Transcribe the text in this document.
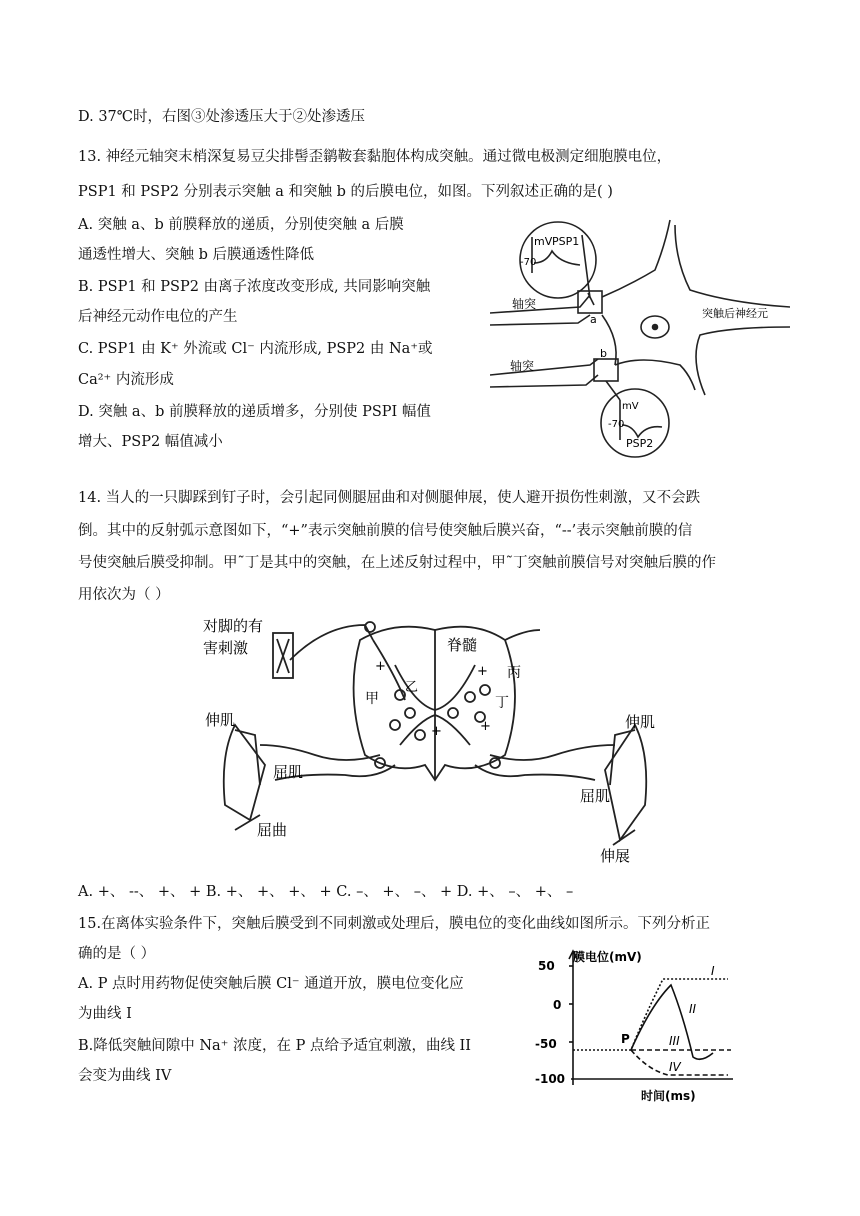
D. 37℃时，右图③处渗透压大于②处渗透压
13. 神经元轴突末梢深复易豆尖排髻歪鹟鞍套黏胞体构成突触。通过微电极测定细胞膜电位，
PSP1 和 PSP2 分别表示突触 a 和突触 b 的后膜电位，如图。下列叙述正确的是( )
A. 突触 a、b 前膜释放的递质，分别使突触 a 后膜
通透性增大、突触 b 后膜通透性降低
B. PSP1 和 PSP2 由离子浓度改变形成, 共同影响突触
后神经元动作电位的产生
C. PSP1 由 K⁺ 外流或 Cl⁻ 内流形成, PSP2 由 Na⁺或
Ca²⁺ 内流形成
D. 突触 a、b 前膜释放的递质增多，分别使 PSPI 幅值
增大、PSP2 幅值减小
mV PSP1
-70
轴突
a	突触后神经元
轴突
b
mV
-70
PSP2
14. 当人的一只脚踩到钉子时，会引起同侧腿屈曲和对侧腿伸展，使人避开损伤性刺激，又不会跌
倒。其中的反射弧示意图如下，“+”表示突触前膜的信号使突触后膜兴奋，“--’表示突触前膜的信
号使突触后膜受抑制。甲˜丁是其中的突触，在上述反射过程中，甲˜丁突触前膜信号对突触后膜的作
用依次为（ ）
对脚的有
害刺激	脊髓
伸肌
屈肌
屈曲
伸肌
屈肌
伸展
甲
乙
丙
丁
+	+
+
+
A. +、 --、 +、 + B. +、 +、 +、 + C. –、 +、 –、 + D. +、 –、 +、 –
15.在离体实验条件下，突触后膜受到不同刺激或处理后，膜电位的变化曲线如图所示。下列分析正
确的是（ ）
A. P 点时用药物促使突触后膜 Cl⁻ 通道开放，膜电位变化应
为曲线 I
B.降低突触间隙中 Na⁺ 浓度，在 P 点给予适宜刺激，曲线 II
会变为曲线 IV
膜电位(mV)
50
0
-50
-100
时间(ms)
P
I
II
III
IV
